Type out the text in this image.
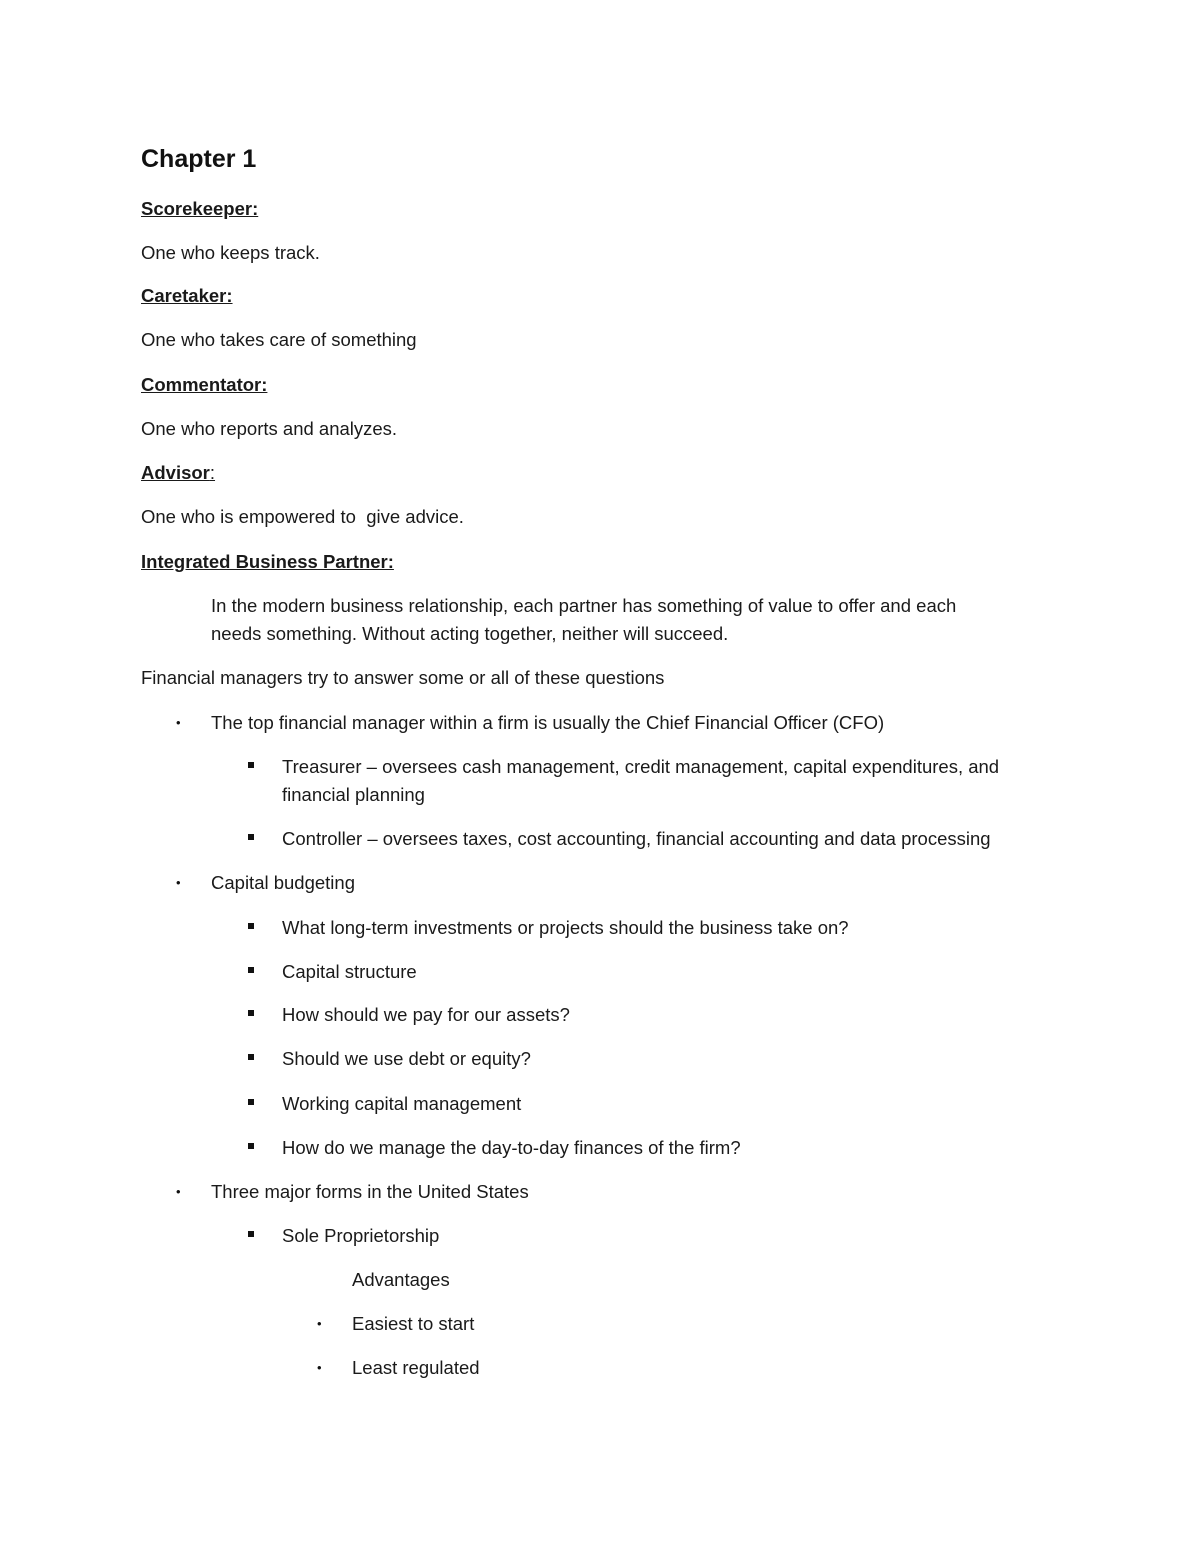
Chapter 1
Scorekeeper:
One who keeps track.
Caretaker:
One who takes care of something
Commentator:
One who reports and analyzes.
Advisor:
One who is empowered to  give advice.
Integrated Business Partner:
In the modern business relationship, each partner has something of value to offer and each
needs something. Without acting together, neither will succeed.
Financial managers try to answer some or all of these questions
• The top financial manager within a firm is usually the Chief Financial Officer (CFO)
Treasurer – oversees cash management, credit management, capital expenditures, and
financial planning
Controller – oversees taxes, cost accounting, financial accounting and data processing
• Capital budgeting
What long-term investments or projects should the business take on?
Capital structure
How should we pay for our assets?
Should we use debt or equity?
Working capital management
How do we manage the day-to-day finances of the firm?
• Three major forms in the United States
Sole Proprietorship
Advantages
• Easiest to start
• Least regulated
